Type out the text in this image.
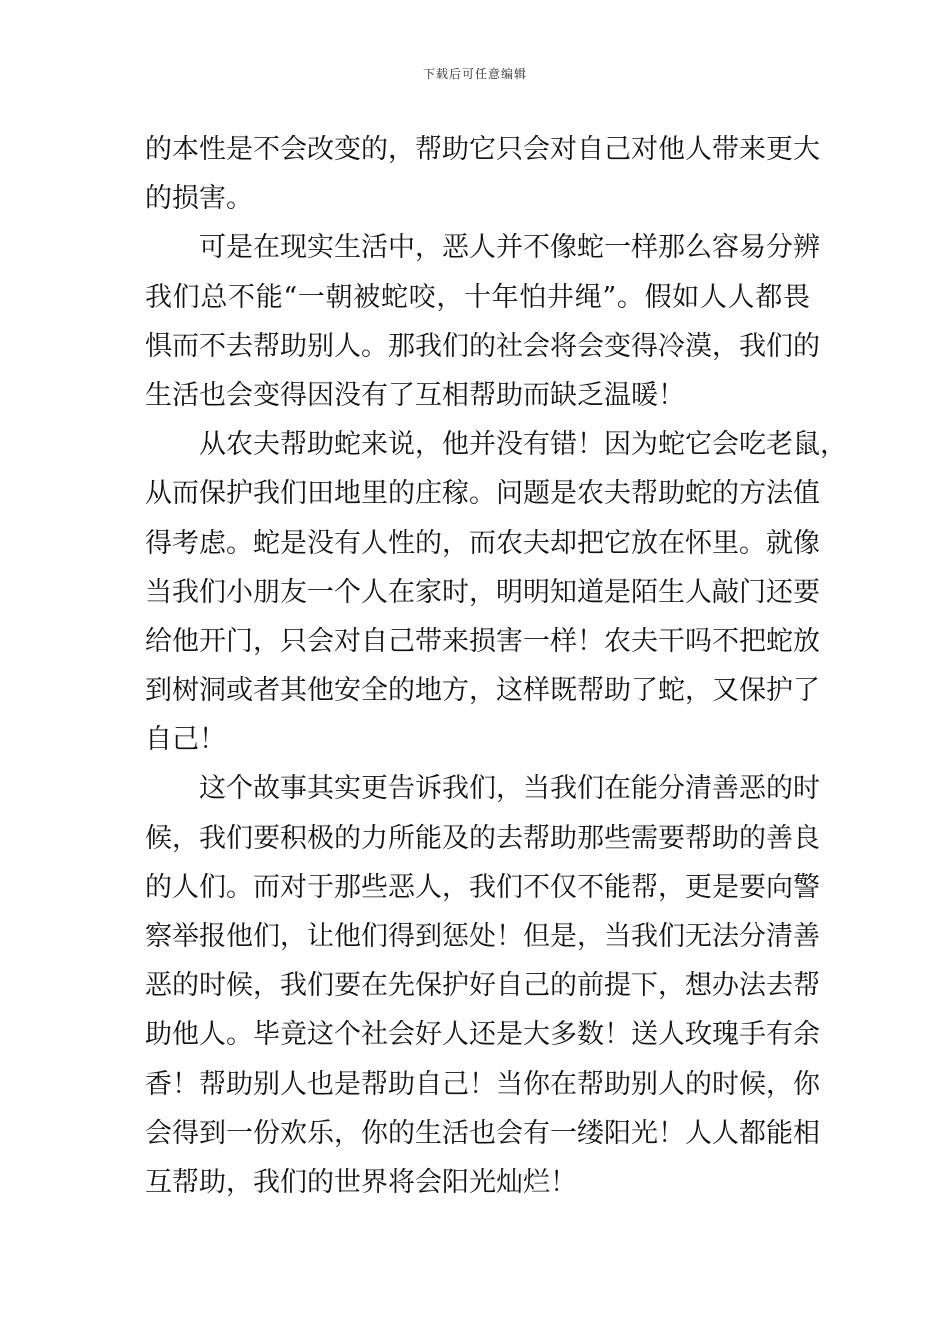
下载后可任意编辑
的本性是不会改变的，帮助它只会对自己对他人带来更大
的损害。
可是在现实生活中，恶人并不像蛇一样那么容易分辨
我们总不能“一朝被蛇咬，十年怕井绳”。假如人人都畏
惧而不去帮助别人。那我们的社会将会变得冷漠，我们的
生活也会变得因没有了互相帮助而缺乏温暖！
从农夫帮助蛇来说，他并没有错！因为蛇它会吃老鼠，
从而保护我们田地里的庄稼。问题是农夫帮助蛇的方法值
得考虑。蛇是没有人性的，而农夫却把它放在怀里。就像
当我们小朋友一个人在家时，明明知道是陌生人敲门还要
给他开门，只会对自己带来损害一样！农夫干吗不把蛇放
到树洞或者其他安全的地方，这样既帮助了蛇，又保护了
自己！
这个故事其实更告诉我们，当我们在能分清善恶的时
候，我们要积极的力所能及的去帮助那些需要帮助的善良
的人们。而对于那些恶人，我们不仅不能帮，更是要向警
察举报他们，让他们得到惩处！但是，当我们无法分清善
恶的时候，我们要在先保护好自己的前提下，想办法去帮
助他人。毕竟这个社会好人还是大多数！送人玫瑰手有余
香！帮助别人也是帮助自己！当你在帮助别人的时候，你
会得到一份欢乐，你的生活也会有一缕阳光！人人都能相
互帮助，我们的世界将会阳光灿烂！
